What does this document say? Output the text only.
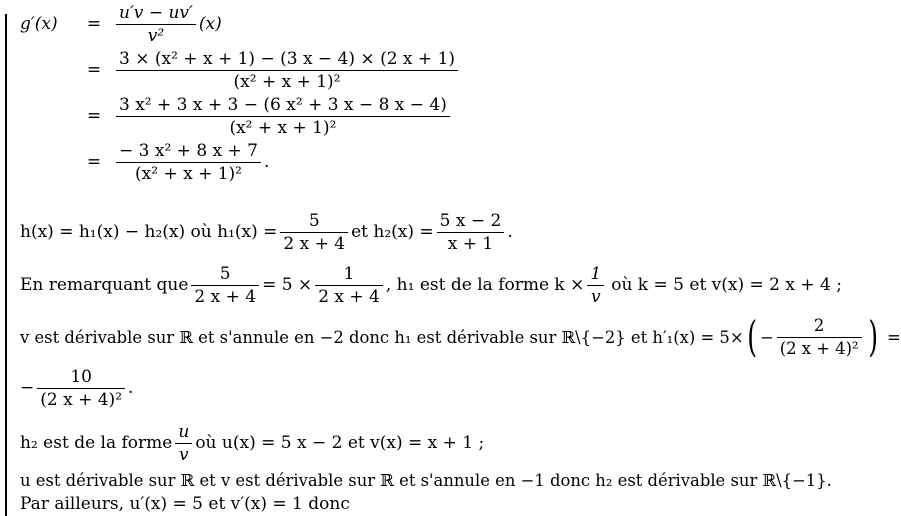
g′(x)	= $\frac{u'v - uv'}{\text{v²}} (x)$
= $\frac{\text{3 × (x² + x + 1) − (3 x − 4) × (2 x + 1)}}{\text{(x² + x + 1)²}}$
= $\frac{\text{3 x² + 3 x + 3 − (6 x² + 3 x − 8 x − 4)}}{\text{(x² + x + 1)²}}$
= $\frac{\text{− 3 x² + 8 x + 7}}{\text{(x² + x + 1)²}}$ .
h(x) = h₁(x) − h₂(x) où $h_1(x) = \frac{5}{2 x + 4}$ et $h_2(x) = \frac{5 x - 2}{x + 1}$ .
En remarquant que $\frac{5}{2 x + 4} = 5 \times \frac{1}{2 x + 4}$ , h₁ est de la forme $k \times \frac{1}{v}$ où k = 5 et v(x) = 2 x + 4 ;
v est dérivable sur ℝ et s'annule en −2 donc h₁ est dérivable sur ℝ\{−2} et h′₁(x) = 5× ( − $\frac{2}{\text{(2 x + 4)²}}$ ) =
− $\frac{10}{\text{(2 x + 4)²}}$ .
h₂ est de la forme $\frac{u}{v}$ où u(x) = 5 x − 2 et v(x) = x + 1 ;
u est dérivable sur ℝ et v est dérivable sur ℝ et s'annule en −1 donc h₂ est dérivable sur ℝ\{−1}.
Par ailleurs, u′(x) = 5 et v′(x) = 1 donc
